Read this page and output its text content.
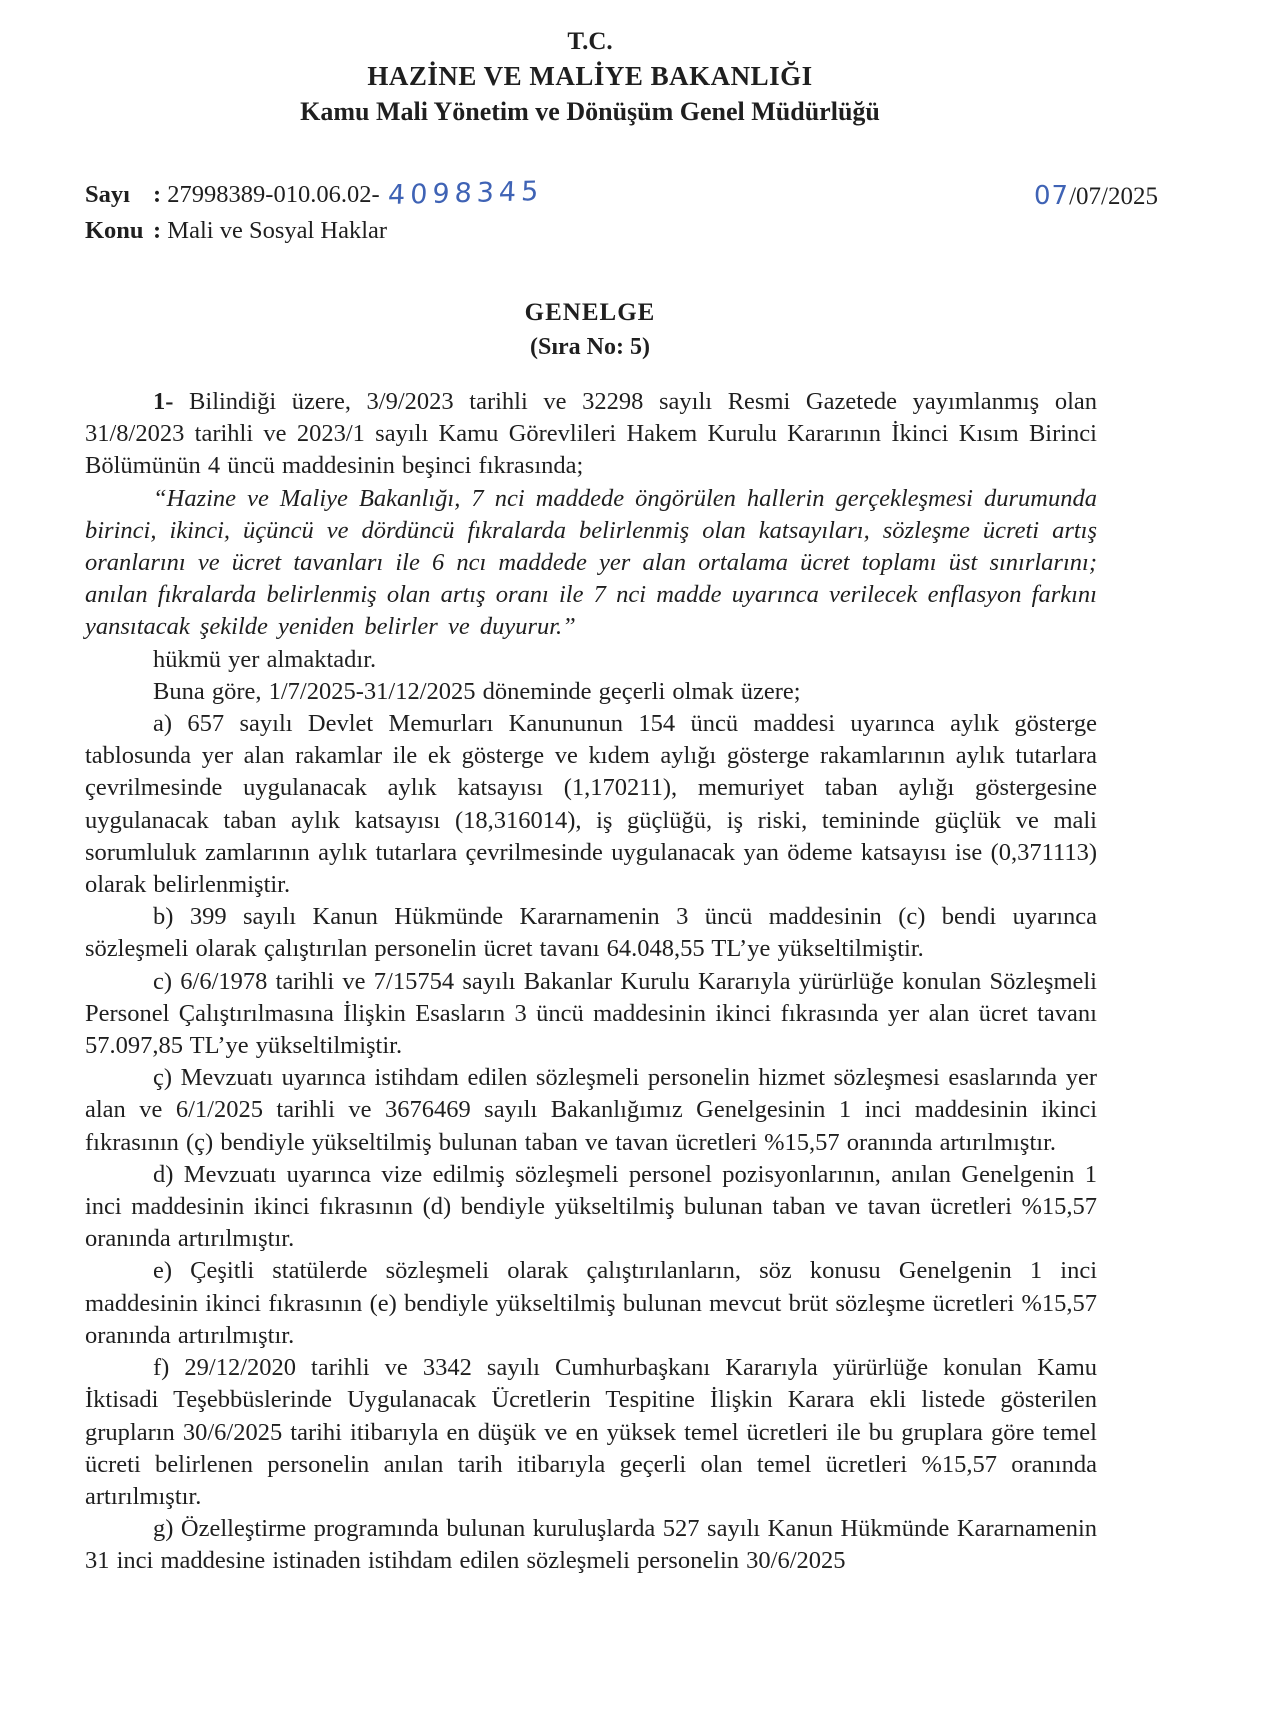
T.C.
HAZİNE VE MALİYE BAKANLIĞI
Kamu Mali Yönetim ve Dönüşüm Genel Müdürlüğü
Sayı : 27998389-010.06.02- 4098345
Konu : Mali ve Sosyal Haklar
07/07/2025
GENELGE
(Sıra No: 5)

1- Bilindiği üzere, 3/9/2023 tarihli ve 32298 sayılı Resmi Gazetede yayımlanmış olan 31/8/2023 tarihli ve 2023/1 sayılı Kamu Görevlileri Hakem Kurulu Kararının İkinci Kısım Birinci Bölümünün 4 üncü maddesinin beşinci fıkrasında;

“Hazine ve Maliye Bakanlığı, 7 nci maddede öngörülen hallerin gerçekleşmesi durumunda birinci, ikinci, üçüncü ve dördüncü fıkralarda belirlenmiş olan katsayıları, sözleşme ücreti artış oranlarını ve ücret tavanları ile 6 ncı maddede yer alan ortalama ücret toplamı üst sınırlarını; anılan fıkralarda belirlenmiş olan artış oranı ile 7 nci madde uyarınca verilecek enflasyon farkını yansıtacak şekilde yeniden belirler ve duyurur.”

hükmü yer almaktadır.

Buna göre, 1/7/2025-31/12/2025 döneminde geçerli olmak üzere;

a) 657 sayılı Devlet Memurları Kanununun 154 üncü maddesi uyarınca aylık gösterge tablosunda yer alan rakamlar ile ek gösterge ve kıdem aylığı gösterge rakamlarının aylık tutarlara çevrilmesinde uygulanacak aylık katsayısı (1,170211), memuriyet taban aylığı göstergesine uygulanacak taban aylık katsayısı (18,316014), iş güçlüğü, iş riski, temininde güçlük ve mali sorumluluk zamlarının aylık tutarlara çevrilmesinde uygulanacak yan ödeme katsayısı ise (0,371113) olarak belirlenmiştir.

b) 399 sayılı Kanun Hükmünde Kararnamenin 3 üncü maddesinin (c) bendi uyarınca sözleşmeli olarak çalıştırılan personelin ücret tavanı 64.048,55 TL’ye yükseltilmiştir.

c) 6/6/1978 tarihli ve 7/15754 sayılı Bakanlar Kurulu Kararıyla yürürlüğe konulan Sözleşmeli Personel Çalıştırılmasına İlişkin Esasların 3 üncü maddesinin ikinci fıkrasında yer alan ücret tavanı 57.097,85 TL’ye yükseltilmiştir.

ç) Mevzuatı uyarınca istihdam edilen sözleşmeli personelin hizmet sözleşmesi esaslarında yer alan ve 6/1/2025 tarihli ve 3676469 sayılı Bakanlığımız Genelgesinin 1 inci maddesinin ikinci fıkrasının (ç) bendiyle yükseltilmiş bulunan taban ve tavan ücretleri %15,57 oranında artırılmıştır.

d) Mevzuatı uyarınca vize edilmiş sözleşmeli personel pozisyonlarının, anılan Genelgenin 1 inci maddesinin ikinci fıkrasının (d) bendiyle yükseltilmiş bulunan taban ve tavan ücretleri %15,57 oranında artırılmıştır.

e) Çeşitli statülerde sözleşmeli olarak çalıştırılanların, söz konusu Genelgenin 1 inci maddesinin ikinci fıkrasının (e) bendiyle yükseltilmiş bulunan mevcut brüt sözleşme ücretleri %15,57 oranında artırılmıştır.

f) 29/12/2020 tarihli ve 3342 sayılı Cumhurbaşkanı Kararıyla yürürlüğe konulan Kamu İktisadi Teşebbüslerinde Uygulanacak Ücretlerin Tespitine İlişkin Karara ekli listede gösterilen grupların 30/6/2025 tarihi itibarıyla en düşük ve en yüksek temel ücretleri ile bu gruplara göre temel ücreti belirlenen personelin anılan tarih itibarıyla geçerli olan temel ücretleri %15,57 oranında artırılmıştır.

g) Özelleştirme programında bulunan kuruluşlarda 527 sayılı Kanun Hükmünde Kararnamenin 31 inci maddesine istinaden istihdam edilen sözleşmeli personelin 30/6/2025
